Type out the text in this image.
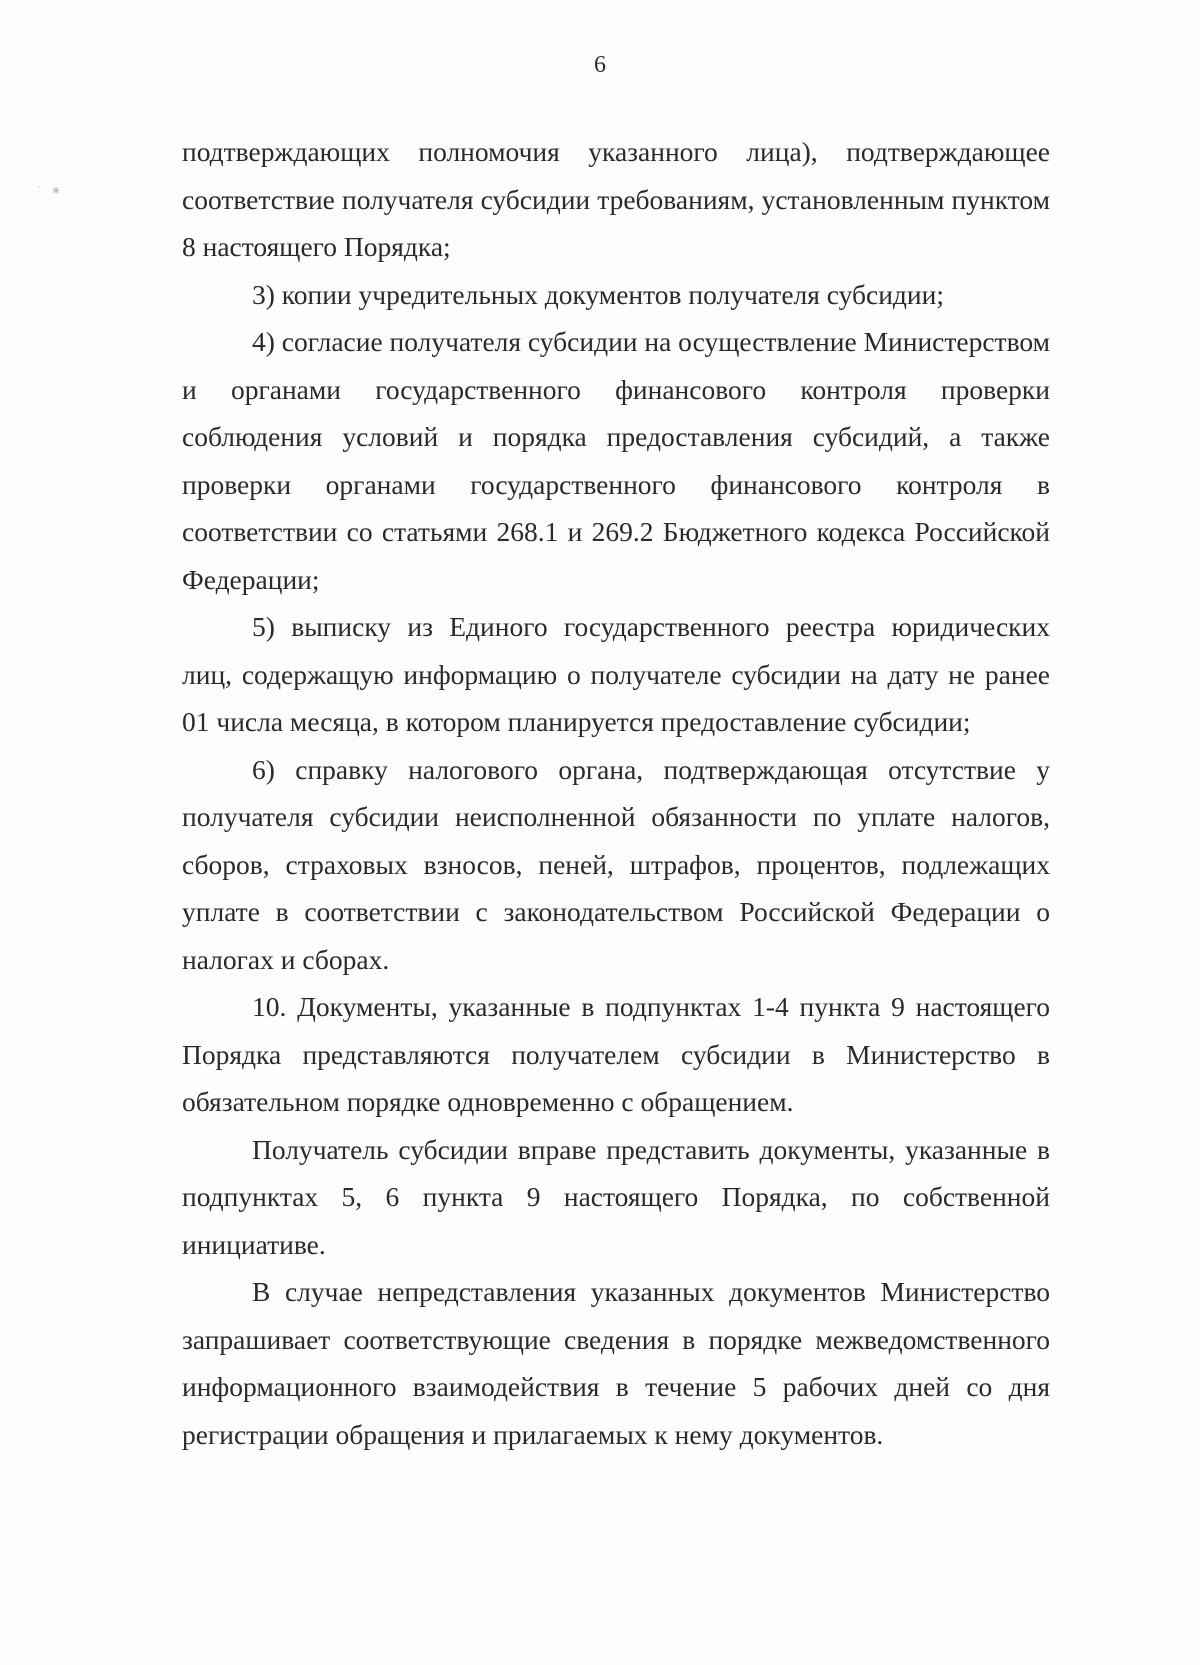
6
` ✳

подтверждающих полномочия указанного лица), подтверждающее соответствие получателя субсидии требованиям, установленным пунктом 8 настоящего Порядка;

3) копии учредительных документов получателя субсидии;

4) согласие получателя субсидии на осуществление Министерством и органами государственного финансового контроля проверки соблюдения условий и порядка предоставления субсидий, а также проверки органами государственного финансового контроля в соответствии со статьями 268.1 и 269.2 Бюджетного кодекса Российской Федерации;

5) выписку из Единого государственного реестра юридических лиц, содержащую информацию о получателе субсидии на дату не ранее 01 числа месяца, в котором планируется предоставление субсидии;

6) справку налогового органа, подтверждающая отсутствие у получателя субсидии неисполненной обязанности по уплате налогов, сборов, страховых взносов, пеней, штрафов, процентов, подлежащих уплате в соответствии с законодательством Российской Федерации о налогах и сборах.

10. Документы, указанные в подпунктах 1-4 пункта 9 настоящего Порядка представляются получателем субсидии в Министерство в обязательном порядке одновременно с обращением.

Получатель субсидии вправе представить документы, указанные в подпунктах 5, 6 пункта 9 настоящего Порядка, по собственной инициативе.

В случае непредставления указанных документов Министерство запрашивает соответствующие сведения в порядке межведомственного информационного взаимодействия в течение 5 рабочих дней со дня регистрации обращения и прилагаемых к нему документов.
